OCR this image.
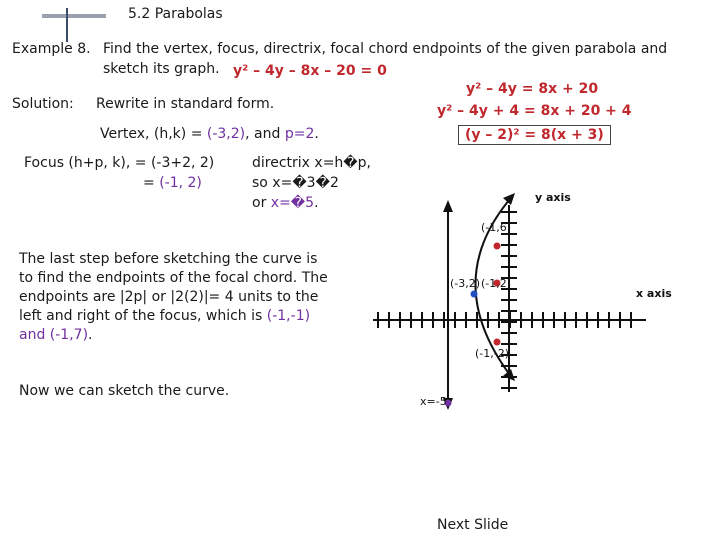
5.2 Parabolas
Example 8. Find the vertex, focus, directrix, focal chord endpoints of the given parabola and
sketch its graph. y² – 4y – 8x – 20 = 0
Solution: Rewrite in standard form.
y² – 4y = 8x + 20
y² – 4y + 4 = 8x + 20 + 4
(y – 2)² = 8(x + 3)
Vertex, (h,k) = (-3,2), and p=2.
Focus (h+p, k), = (-3+2, 2)
= (-1, 2)
directrix x=h�p,
so x=�3�2
or x=�5.
The last step before sketching the curve is
to find the endpoints of the focal chord. The
endpoints are |2p| or |2(2)|= 4 units to the
left and right of the focus, which is (-1,-1)
and (-1,7).
Now we can sketch the curve.
y axis
x axis
(-1,6)
(-3,2) (-1,2)
(-1,-2)
x=-5
Next Slide
